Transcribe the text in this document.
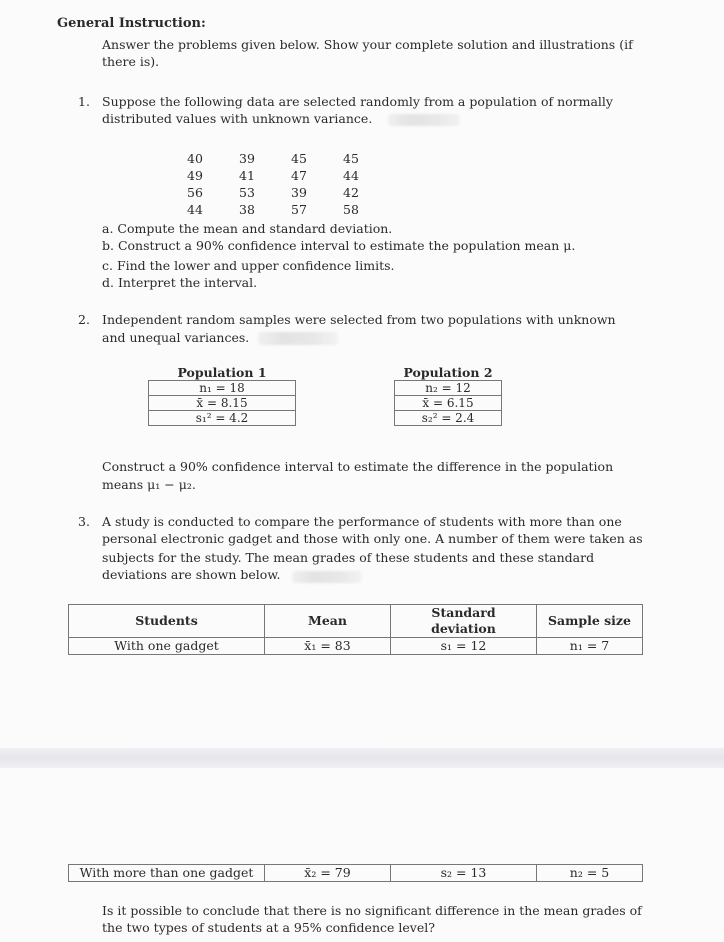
General Instruction:
Answer the problems given below. Show your complete solution and illustrations (if
there is).
1. Suppose the following data are selected randomly from a population of normally
distributed values with unknown variance.
40	39	45	45
49	41	47	44
56	53	39	42
44	38	57	58
a. Compute the mean and standard deviation.
b. Construct a 90% confidence interval to estimate the population mean μ.
c. Find the lower and upper confidence limits.
d. Interpret the interval.
2. Independent random samples were selected from two populations with unknown
and unequal variances.
Population 1
n₁ = 18
x̄ = 8.15
s₁² = 4.2
Population 2
n₂ = 12
x̄ = 6.15
s₂² = 2.4
Construct a 90% confidence interval to estimate the difference in the population
means μ₁ − μ₂.
3. A study is conducted to compare the performance of students with more than one
personal electronic gadget and those with only one. A number of them were taken as
subjects for the study. The mean grades of these students and these standard
deviations are shown below.
Students	Mean	Standard deviation	Sample size
With one gadget	x̄₁ = 83	s₁ = 12	n₁ = 7
With more than one gadget	x̄₂ = 79	s₂ = 13	n₂ = 5
Is it possible to conclude that there is no significant difference in the mean grades of
the two types of students at a 95% confidence level?
